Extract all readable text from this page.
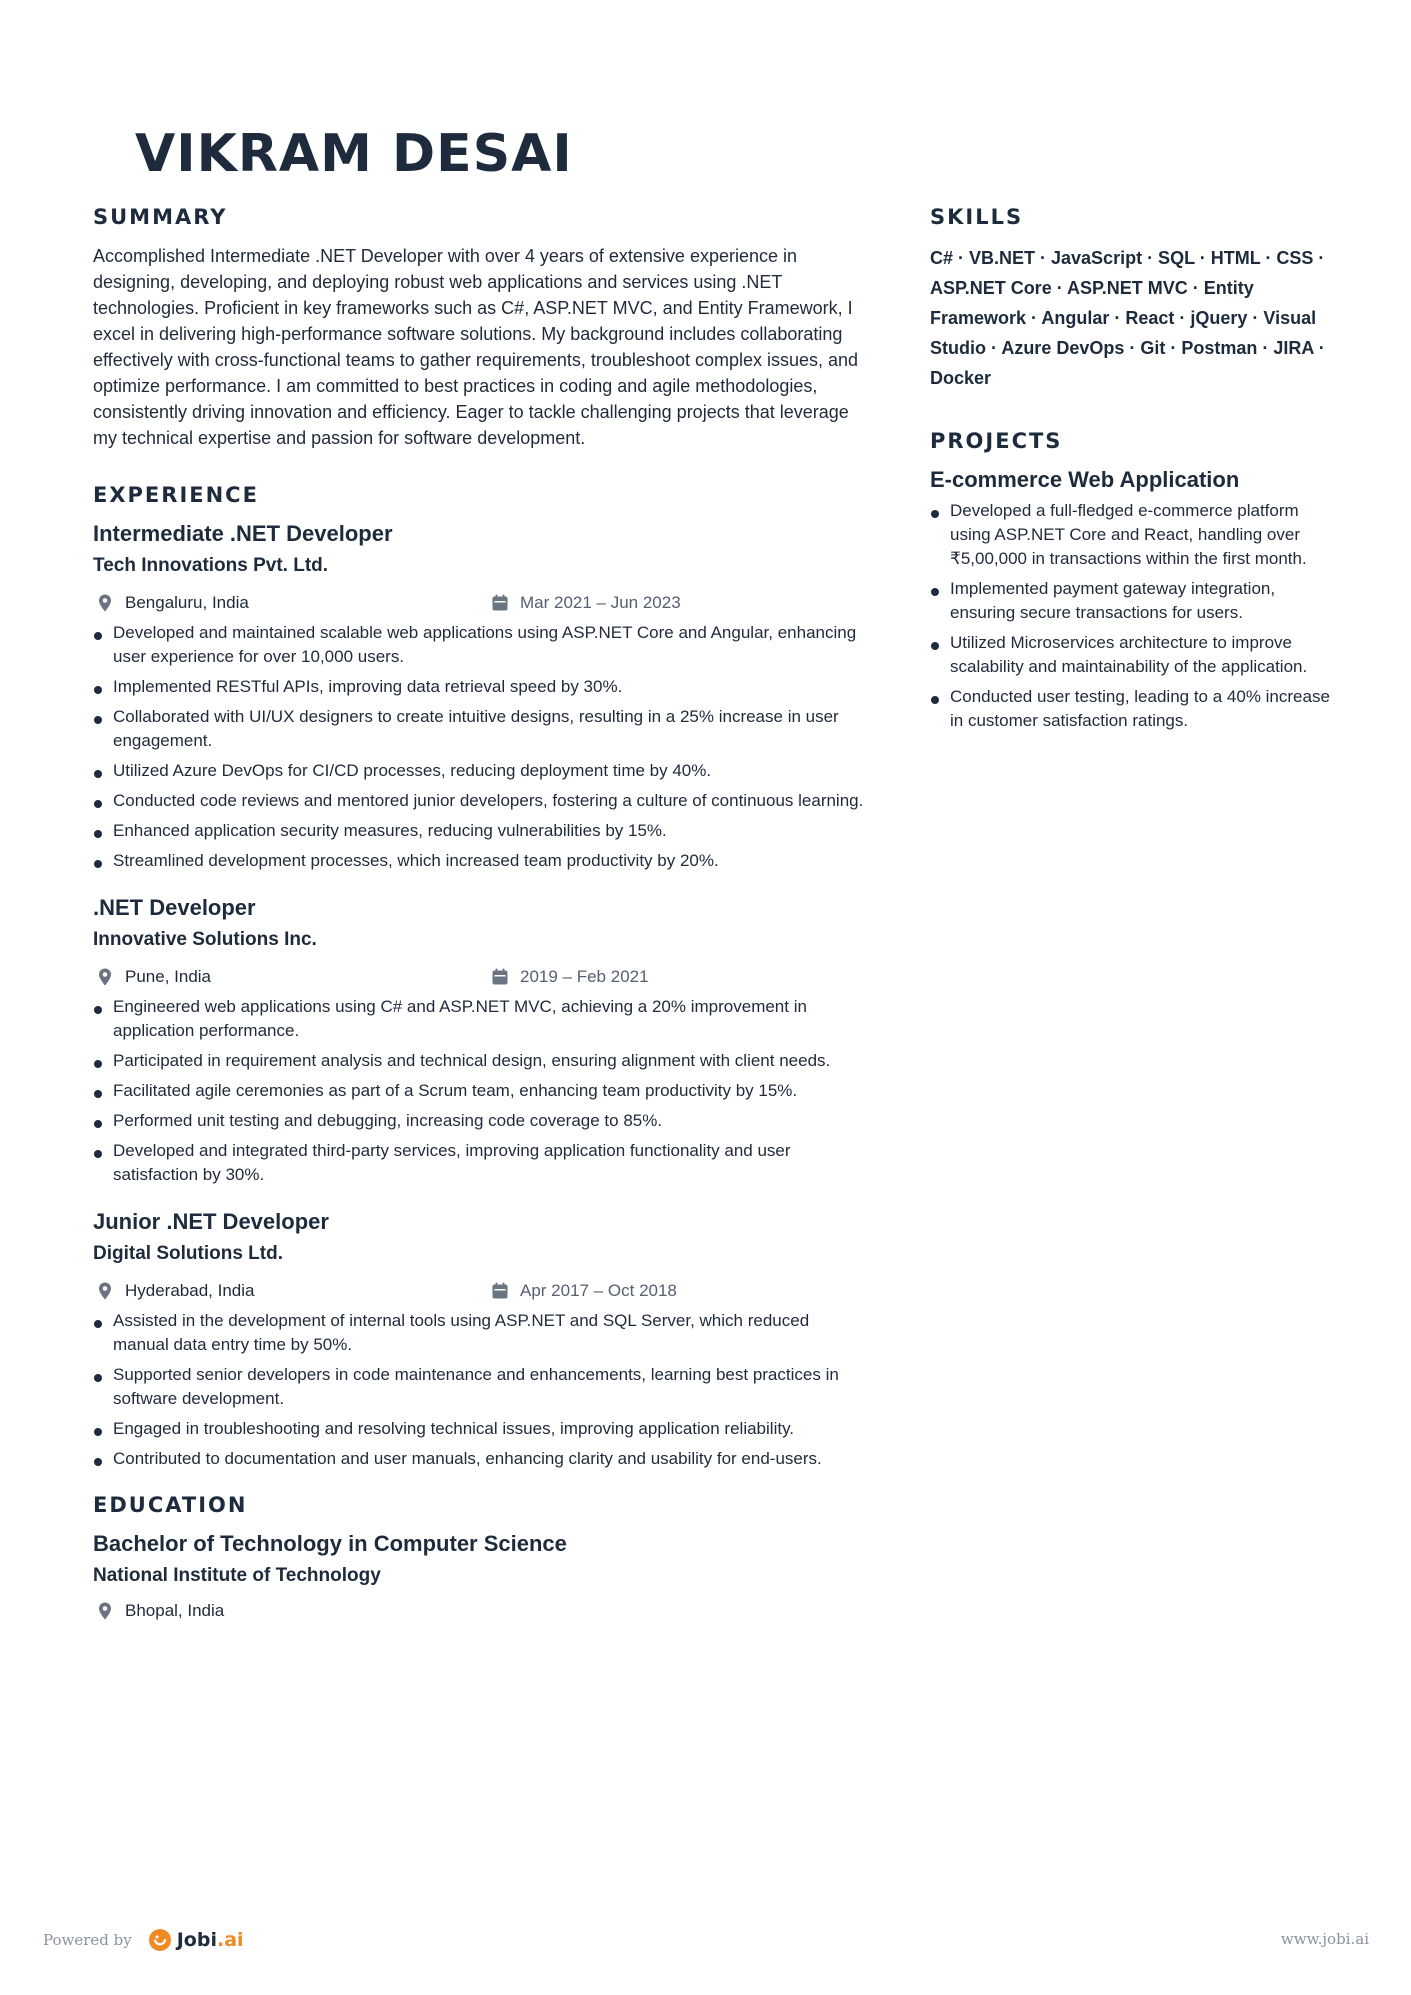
VIKRAM DESAI
SUMMARY

Accomplished Intermediate .NET Developer with over 4 years of extensive experience in designing, developing, and deploying robust web applications and services using .NET technologies. Proficient in key frameworks such as C#, ASP.NET MVC, and Entity Framework, I excel in delivering high-performance software solutions. My background includes collaborating effectively with cross-functional teams to gather requirements, troubleshoot complex issues, and optimize performance. I am committed to best practices in coding and agile methodologies, consistently driving innovation and efficiency. Eager to tackle challenging projects that leverage my technical expertise and passion for software development.

EXPERIENCE
Intermediate .NET Developer
Tech Innovations Pvt. Ltd.
Bengaluru, India	Mar 2021 – Jun 2023
Developed and maintained scalable web applications using ASP.NET Core and Angular, enhancing user experience for over 10,000 users.
Implemented RESTful APIs, improving data retrieval speed by 30%.
Collaborated with UI/UX designers to create intuitive designs, resulting in a 25% increase in user engagement.
Utilized Azure DevOps for CI/CD processes, reducing deployment time by 40%.
Conducted code reviews and mentored junior developers, fostering a culture of continuous learning.
Enhanced application security measures, reducing vulnerabilities by 15%.
Streamlined development processes, which increased team productivity by 20%.
.NET Developer
Innovative Solutions Inc.
Pune, India	2019 – Feb 2021
Engineered web applications using C# and ASP.NET MVC, achieving a 20% improvement in application performance.
Participated in requirement analysis and technical design, ensuring alignment with client needs.
Facilitated agile ceremonies as part of a Scrum team, enhancing team productivity by 15%.
Performed unit testing and debugging, increasing code coverage to 85%.
Developed and integrated third-party services, improving application functionality and user satisfaction by 30%.
Junior .NET Developer
Digital Solutions Ltd.
Hyderabad, India	Apr 2017 – Oct 2018
Assisted in the development of internal tools using ASP.NET and SQL Server, which reduced manual data entry time by 50%.
Supported senior developers in code maintenance and enhancements, learning best practices in software development.
Engaged in troubleshooting and resolving technical issues, improving application reliability.
Contributed to documentation and user manuals, enhancing clarity and usability for end-users.
EDUCATION
Bachelor of Technology in Computer Science
National Institute of Technology
Bhopal, India
SKILLS

C# · VB.NET · JavaScript · SQL · HTML · CSS · ASP.NET Core · ASP.NET MVC · Entity Framework · Angular · React · jQuery · Visual Studio · Azure DevOps · Git · Postman · JIRA · Docker

PROJECTS
E-commerce Web Application
Developed a full-fledged e-commerce platform using ASP.NET Core and React, handling over ₹5,00,000 in transactions within the first month.
Implemented payment gateway integration, ensuring secure transactions for users.
Utilized Microservices architecture to improve scalability and maintainability of the application.
Conducted user testing, leading to a 40% increase in customer satisfaction ratings.
Powered by Jobi .ai	www.jobi.ai
